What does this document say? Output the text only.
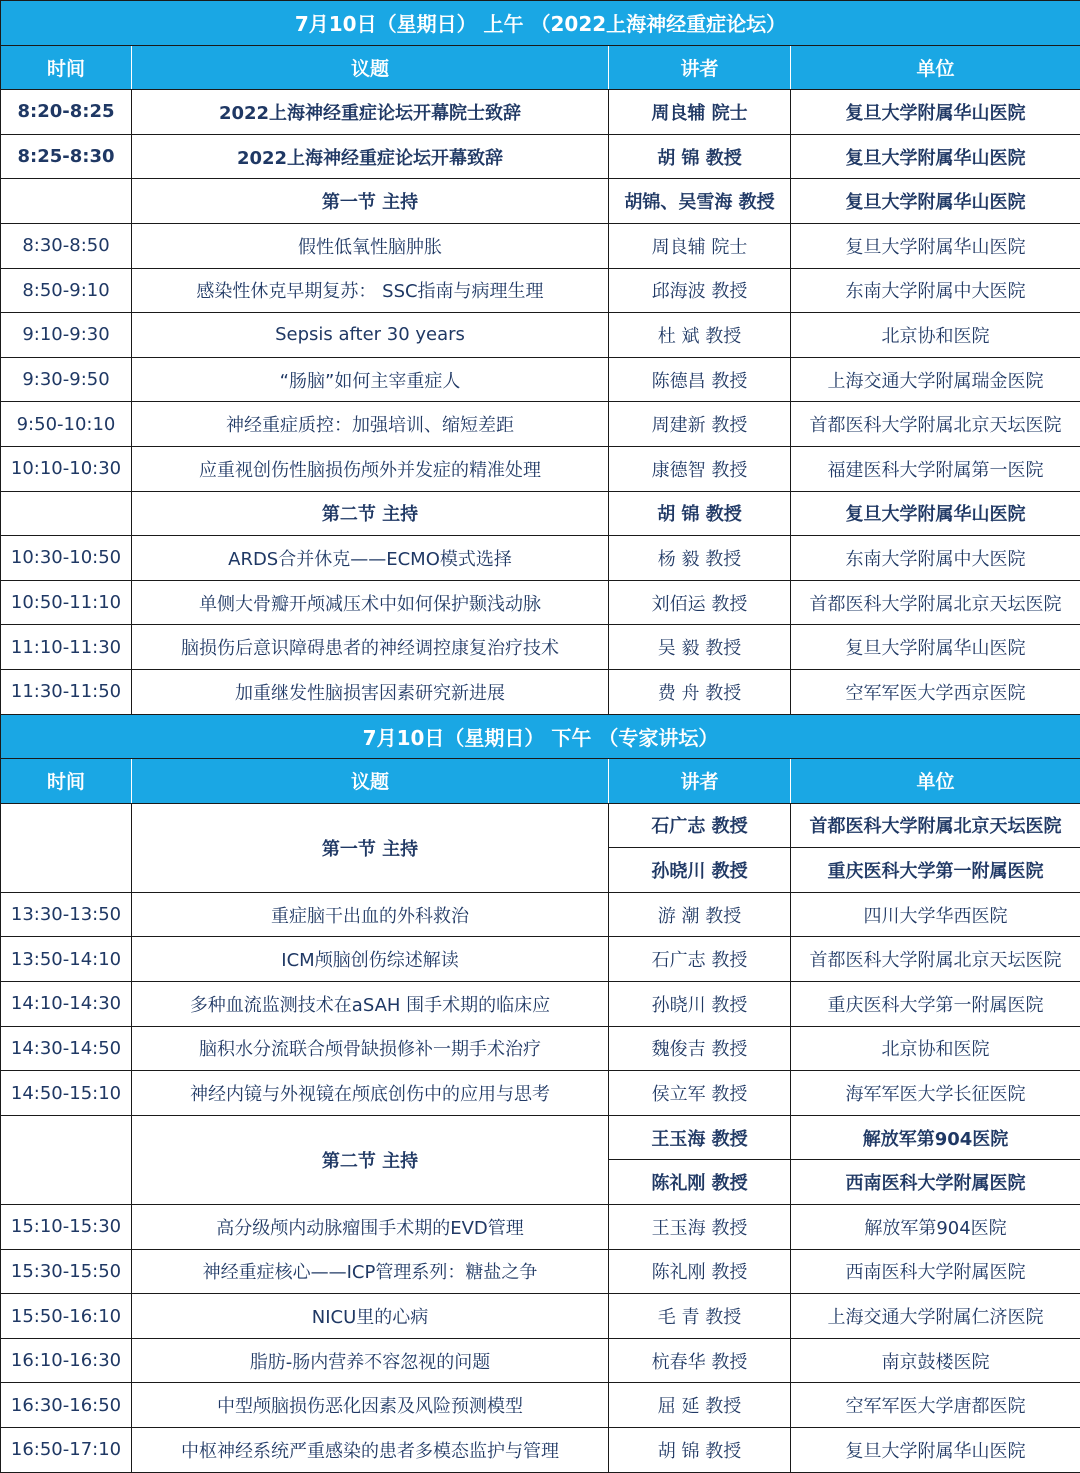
7月10日（星期日） 上午 （2022上海神经重症论坛）			
时间	议题	讲者	单位
8:20-8:25	2022上海神经重症论坛开幕院士致辞	周良辅 院士	复旦大学附属华山医院
8:25-8:30	2022上海神经重症论坛开幕致辞	胡 锦 教授	复旦大学附属华山医院
	第一节 主持	胡锦、吴雪海 教授	复旦大学附属华山医院
8:30-8:50	假性低氧性脑肿胀	周良辅 院士	复旦大学附属华山医院
8:50-9:10	感染性休克早期复苏： SSC指南与病理生理	邱海波 教授	东南大学附属中大医院
9:10-9:30	Sepsis after 30 years	杜 斌 教授	北京协和医院
9:30-9:50	“肠脑”如何主宰重症人	陈德昌 教授	上海交通大学附属瑞金医院
9:50-10:10	神经重症质控：加强培训、缩短差距	周建新 教授	首都医科大学附属北京天坛医院
10:10-10:30	应重视创伤性脑损伤颅外并发症的精准处理	康德智 教授	福建医科大学附属第一医院
	第二节 主持	胡 锦 教授	复旦大学附属华山医院
10:30-10:50	ARDS合并休克——ECMO模式选择	杨 毅 教授	东南大学附属中大医院
10:50-11:10	单侧大骨瓣开颅减压术中如何保护颞浅动脉	刘佰运 教授	首都医科大学附属北京天坛医院
11:10-11:30	脑损伤后意识障碍患者的神经调控康复治疗技术	吴 毅 教授	复旦大学附属华山医院
11:30-11:50	加重继发性脑损害因素研究新进展	费 舟 教授	空军军医大学西京医院
7月10日（星期日） 下午 （专家讲坛）			
时间	议题	讲者	单位
	第一节 主持	石广志 教授	首都医科大学附属北京天坛医院
		孙晓川 教授	重庆医科大学第一附属医院
13:30-13:50	重症脑干出血的外科救治	游 潮 教授	四川大学华西医院
13:50-14:10	ICM颅脑创伤综述解读	石广志 教授	首都医科大学附属北京天坛医院
14:10-14:30	多种血流监测技术在aSAH 围手术期的临床应	孙晓川 教授	重庆医科大学第一附属医院
14:30-14:50	脑积水分流联合颅骨缺损修补一期手术治疗	魏俊吉 教授	北京协和医院
14:50-15:10	神经内镜与外视镜在颅底创伤中的应用与思考	侯立军 教授	海军军医大学长征医院
	第二节 主持	王玉海 教授	解放军第904医院
		陈礼刚 教授	西南医科大学附属医院
15:10-15:30	高分级颅内动脉瘤围手术期的EVD管理	王玉海 教授	解放军第904医院
15:30-15:50	神经重症核心——ICP管理系列：糖盐之争	陈礼刚 教授	西南医科大学附属医院
15:50-16:10	NICU里的心病	毛 青 教授	上海交通大学附属仁济医院
16:10-16:30	脂肪-肠内营养不容忽视的问题	杭春华 教授	南京鼓楼医院
16:30-16:50	中型颅脑损伤恶化因素及风险预测模型	屈 延 教授	空军军医大学唐都医院
16:50-17:10	中枢神经系统严重感染的患者多模态监护与管理	胡 锦 教授	复旦大学附属华山医院
